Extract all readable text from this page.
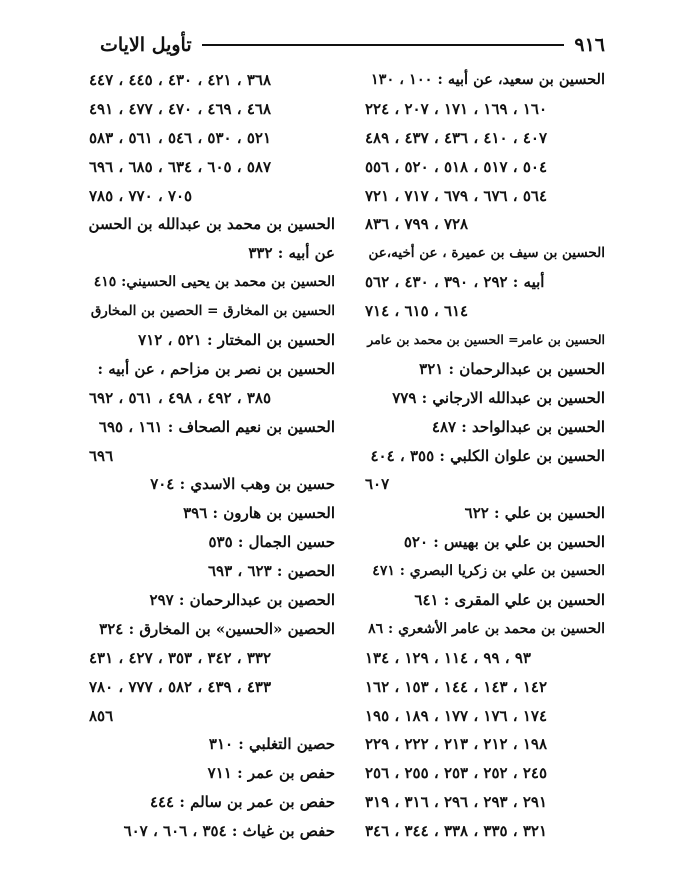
٩١٦
تأويل الايات
الحسين بن سعيد، عن أبيه : ١٠٠ ، ١٣٠
١٦٠ ، ١٦٩ ، ١٧١ ، ٢٠٧ ، ٢٢٤
٤٠٧ ، ٤١٠ ، ٤٣٦ ، ٤٣٧ ، ٤٨٩
٥٠٤ ، ٥١٧ ، ٥١٨ ، ٥٢٠ ، ٥٥٦
٥٦٤ ، ٦٧٦ ، ٦٧٩ ، ٧١٧ ، ٧٢١
٧٢٨ ، ٧٩٩ ، ٨٣٦
الحسين بن سيف بن عميرة ، عن أخيه،عن
أبيه : ٢٩٢ ، ٣٩٠ ، ٤٣٠ ، ٥٦٢
٦١٤ ، ٦١٥ ، ٧١٤
الحسين بن عامر= الحسين بن محمد بن عامر
الحسين بن عبدالرحمان : ٣٢١
الحسين بن عبدالله الارجاني : ٧٧٩
الحسين بن عبدالواحد : ٤٨٧
الحسين بن علوان الكلبي : ٣٥٥ ، ٤٠٤
٦٠٧
الحسين بن علي : ٦٢٢
الحسين بن علي بن بهيس : ٥٢٠
الحسين بن علي بن زكريا البصري : ٤٧١
الحسين بن علي المقرى : ٦٤١
الحسين بن محمد بن عامر الأشعري : ٨٦
٩٣ ، ٩٩ ، ١١٤ ، ١٢٩ ، ١٣٤
١٤٢ ، ١٤٣ ، ١٤٤ ، ١٥٣ ، ١٦٢
١٧٤ ، ١٧٦ ، ١٧٧ ، ١٨٩ ، ١٩٥
١٩٨ ، ٢١٢ ، ٢١٣ ، ٢٢٢ ، ٢٢٩
٢٤٥ ، ٢٥٢ ، ٢٥٣ ، ٢٥٥ ، ٢٥٦
٢٩١ ، ٢٩٣ ، ٢٩٦ ، ٣١٦ ، ٣١٩
٣٢١ ، ٣٣٥ ، ٣٣٨ ، ٣٤٤ ، ٣٤٦
٣٦٨ ، ٤٢١ ، ٤٣٠ ، ٤٤٥ ، ٤٤٧
٤٦٨ ، ٤٦٩ ، ٤٧٠ ، ٤٧٧ ، ٤٩١
٥٢١ ، ٥٣٠ ، ٥٤٦ ، ٥٦١ ، ٥٨٣
٥٨٧ ، ٦٠٥ ، ٦٣٤ ، ٦٨٥ ، ٦٩٦
٧٠٥ ، ٧٧٠ ، ٧٨٥
الحسين بن محمد بن عبدالله بن الحسن
عن أبيه : ٣٣٢
الحسين بن محمد بن يحيى الحسيني: ٤١٥
الحسين بن المخارق = الحصين بن المخارق
الحسين بن المختار : ٥٢١ ، ٧١٢
الحسين بن نصر بن مزاحم ، عن أبيه :
٣٨٥ ، ٤٩٢ ، ٤٩٨ ، ٥٦١ ، ٦٩٢
الحسين بن نعيم الصحاف : ١٦١ ، ٦٩٥
٦٩٦
حسين بن وهب الاسدي : ٧٠٤
الحسين بن هارون : ٣٩٦
حسين الجمال : ٥٣٥
الحصين : ٦٢٣ ، ٦٩٣
الحصين بن عبدالرحمان : ٢٩٧
الحصين «الحسين» بن المخارق : ٣٢٤
٣٣٢ ، ٣٤٢ ، ٣٥٣ ، ٤٢٧ ، ٤٣١
٤٣٣ ، ٤٣٩ ، ٥٨٢ ، ٧٧٧ ، ٧٨٠
٨٥٦
حصين التغلبي : ٣١٠
حفص بن عمر : ٧١١
حفص بن عمر بن سالم : ٤٤٤
حفص بن غياث : ٣٥٤ ، ٦٠٦ ، ٦٠٧
